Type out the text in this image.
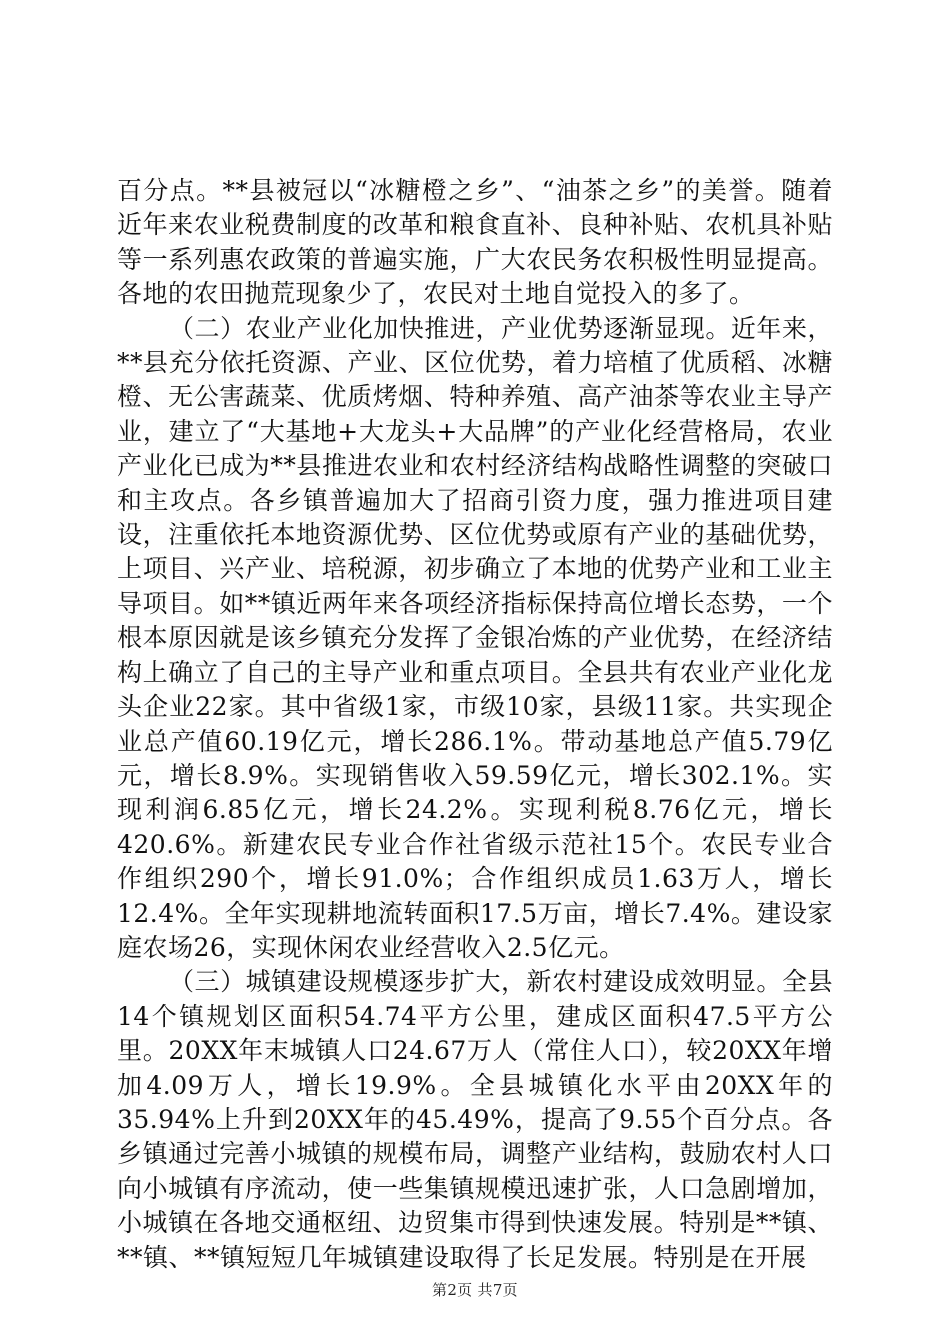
百分点。**县被冠以“冰糖橙之乡”、“油茶之乡”的美誉。随着近年来农业税费制度的改革和粮食直补、良种补贴、农机具补贴等一系列惠农政策的普遍实施，广大农民务农积极性明显提高。各地的农田抛荒现象少了，农民对土地自觉投入的多了。

（二）农业产业化加快推进，产业优势逐渐显现。近年来，**县充分依托资源、产业、区位优势，着力培植了优质稻、冰糖橙、无公害蔬菜、优质烤烟、特种养殖、高产油茶等农业主导产业，建立了“大基地+大龙头+大品牌”的产业化经营格局，农业产业化已成为**县推进农业和农村经济结构战略性调整的突破口和主攻点。各乡镇普遍加大了招商引资力度，强力推进项目建设，注重依托本地资源优势、区位优势或原有产业的基础优势，上项目、兴产业、培税源，初步确立了本地的优势产业和工业主导项目。如**镇近两年来各项经济指标保持高位增长态势，一个根本原因就是该乡镇充分发挥了金银冶炼的产业优势，在经济结构上确立了自己的主导产业和重点项目。全县共有农业产业化龙头企业22家。其中省级1家，市级10家，县级11家。共实现企业总产值60.19亿元，增长286.1%。带动基地总产值5.79亿元，增长8.9%。实现销售收入59.59亿元，增长302.1%。实现利润6.85亿元，增长24.2%。实现利税8.76亿元，增长420.6%。新建农民专业合作社省级示范社15个。农民专业合作组织290个，增长91.0%；合作组织成员1.63万人，增长12.4%。全年实现耕地流转面积17.5万亩，增长7.4%。建设家庭农场26，实现休闲农业经营收入2.5亿元。

（三）城镇建设规模逐步扩大，新农村建设成效明显。全县14个镇规划区面积54.74平方公里，建成区面积47.5平方公里。20XX年末城镇人口24.67万人（常住人口），较20XX年增加4.09万人，增长19.9%。全县城镇化水平由20XX年的35.94%上升到20XX年的45.49%，提高了9.55个百分点。各乡镇通过完善小城镇的规模布局，调整产业结构，鼓励农村人口向小城镇有序流动，使一些集镇规模迅速扩张，人口急剧增加，小城镇在各地交通枢纽、边贸集市得到快速发展。特别是**镇、**镇、**镇短短几年城镇建设取得了长足发展。特别是在开展

第2页 共7页
